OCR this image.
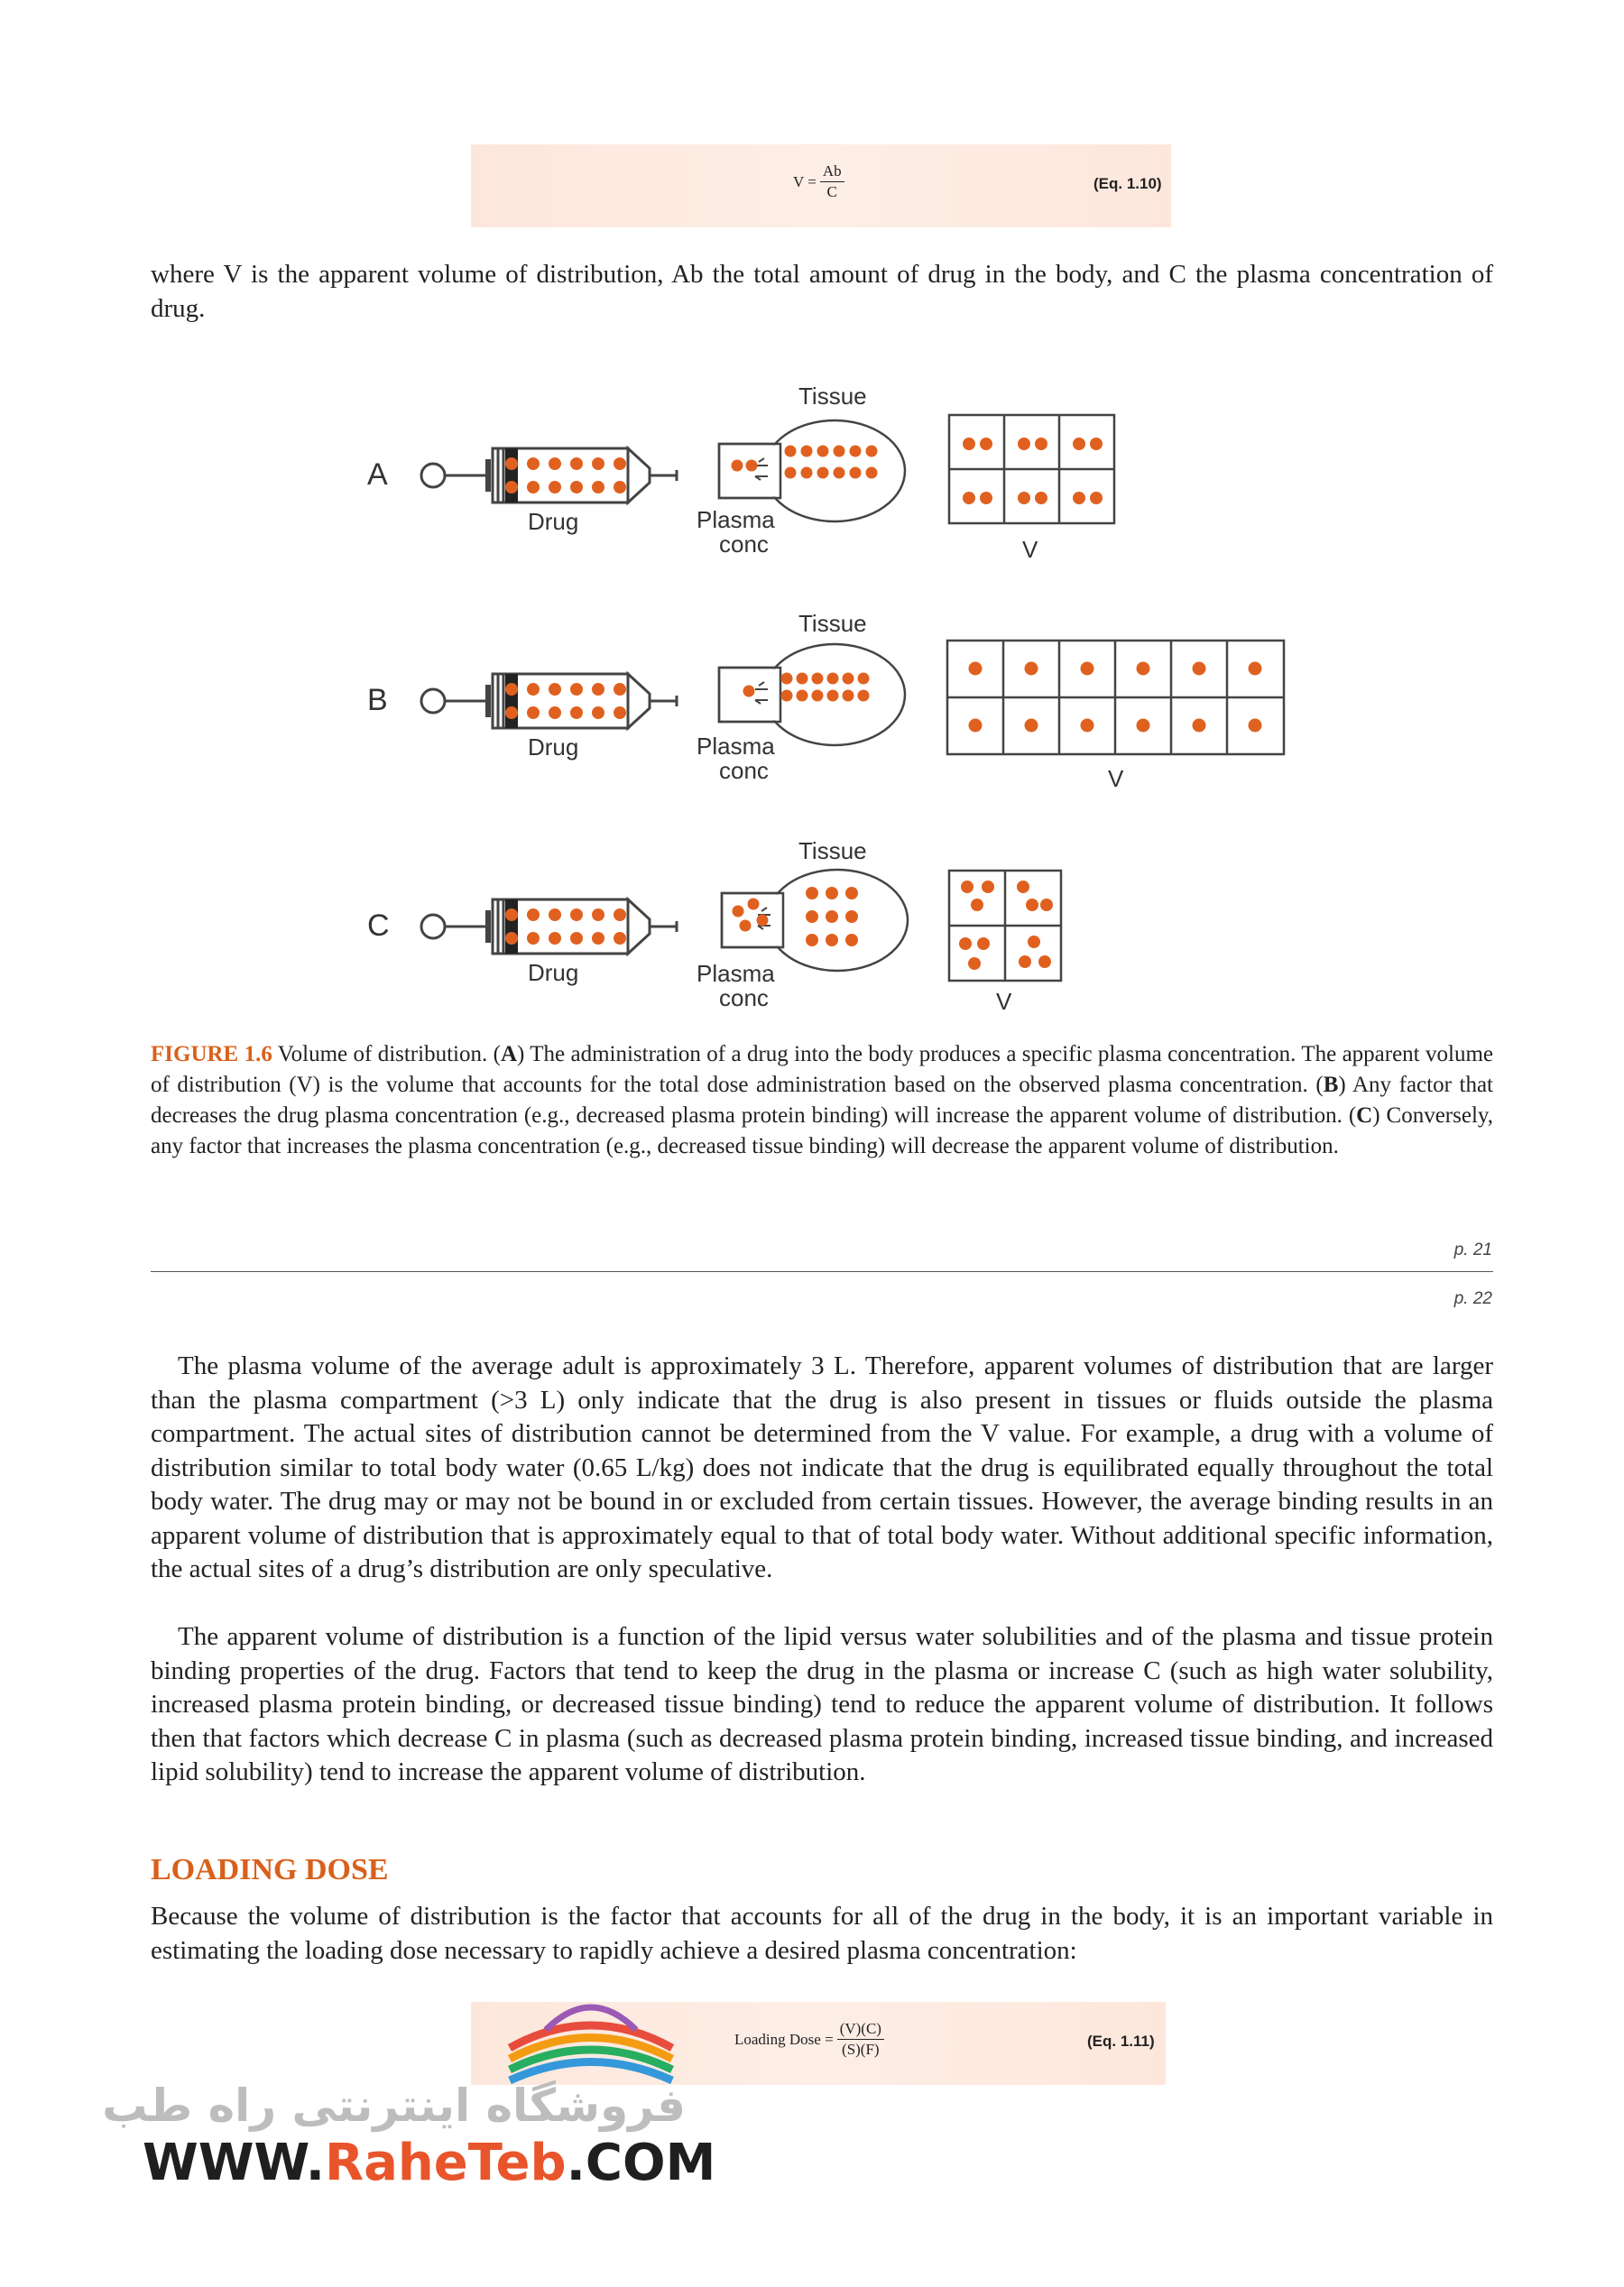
$V = \frac{Ab}{C}$	(Eq. 1.10)
where V is the apparent volume of distribution, Ab the total amount of drug in the body, and C the plasma concentration of drug.
A
Drug
Tissue
Plasma
conc	V
B
Drug
Tissue
Plasma
conc	V
C
Drug
Tissue
Plasma
conc	V
FIGURE 1.6 Volume of distribution. (A) The administration of a drug into the body produces a specific plasma concentration. The apparent volume of distribution (V) is the volume that accounts for the total dose administration based on the observed plasma concentration. (B) Any factor that decreases the drug plasma concentration (e.g., decreased plasma protein binding) will increase the apparent volume of distribution. (C) Conversely, any factor that increases the plasma concentration (e.g., decreased tissue binding) will decrease the apparent volume of distribution.
p. 21
p. 22
The plasma volume of the average adult is approximately 3 L. Therefore, apparent volumes of distribution that are larger than the plasma compartment (>3 L) only indicate that the drug is also present in tissues or fluids outside the plasma compartment. The actual sites of distribution cannot be determined from the V value. For example, a drug with a volume of distribution similar to total body water (0.65 L/kg) does not indicate that the drug is equilibrated equally throughout the total body water. The drug may or may not be bound in or excluded from certain tissues. However, the average binding results in an apparent volume of distribution that is approximately equal to that of total body water. Without additional specific information, the actual sites of a drug’s distribution are only speculative.
The apparent volume of distribution is a function of the lipid versus water solubilities and of the plasma and tissue protein binding properties of the drug. Factors that tend to keep the drug in the plasma or increase C (such as high water solubility, increased plasma protein binding, or decreased tissue binding) tend to reduce the apparent volume of distribution. It follows then that factors which decrease C in plasma (such as decreased plasma protein binding, increased tissue binding, and increased lipid solubility) tend to increase the apparent volume of distribution.
LOADING DOSE
Because the volume of distribution is the factor that accounts for all of the drug in the body, it is an important variable in estimating the loading dose necessary to rapidly achieve a desired plasma concentration:
Loading Dose = $\frac{(V)(C)}{(S)(F)}$	(Eq. 1.11)
فروشگاه اینترنتی راه طب
WWW.RaheTeb.COM
